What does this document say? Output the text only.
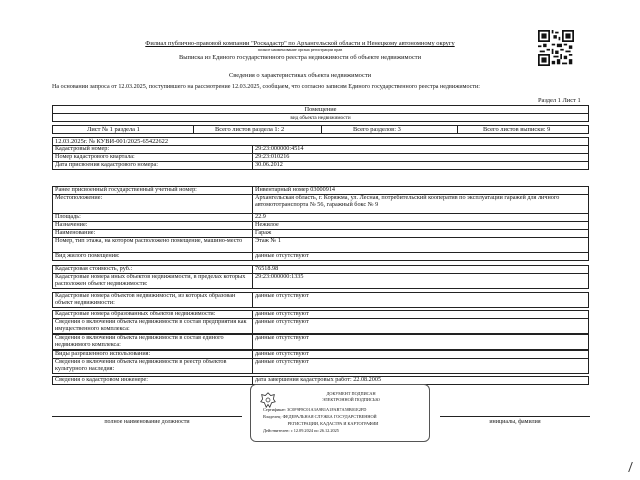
Филиал публично-правовой компании "Роскадастр" по Архангельской области и Ненецкому автономному округу
полное наименование органа регистрации прав
Выписка из Единого государственного реестра недвижимости об объекте недвижимости
Сведения о характеристиках объекта недвижимости
На основании запроса от 12.03.2025, поступившего на рассмотрение 12.03.2025, сообщаем, что согласно записям Единого государственного реестра недвижимости:
Раздел 1 Лист 1
Помещение
вид объекта недвижимости
Лист № 1 раздела 1	Всего листов раздела 1: 2	Всего разделов: 3	Всего листов выписки: 9
12.03.2025г. № КУВИ-001/2025-65422622
Кадастровый номер:	29:23:000000:4514
Номер кадастрового квартала:	29:23:010216
Дата присвоения кадастрового номера:	30.06.2012
Ранее присвоенный государственный учетный номер:	Инвентарный номер 03000914
Местоположение:	Архангельская область, г. Коряжма, ул. Лесная, потребительский кооператив по эксплуатации гаражей для личного автомототранспорта № 56, гаражный бокс № 9
Площадь:	22.9
Назначение:	Нежилое
Наименование:	Гараж
Номер, тип этажа, на котором расположено помещение, машино-место	Этаж № 1
Вид жилого помещения:	данные отсутствуют
Кадастровая стоимость, руб.:	76518.98
Кадастровые номера иных объектов недвижимости, в пределах которых расположен объект недвижимости:
29:23:000000:1335
Кадастровые номера объектов недвижимости, из которых образован объект недвижимости:
данные отсутствуют
Кадастровые номера образованных объектов недвижимости:	данные отсутствуют
Сведения о включении объекта недвижимости в состав предприятия как имущественного комплекса:
данные отсутствуют
Сведения о включении объекта недвижимости в состав единого недвижимого комплекса:
данные отсутствуют
Виды разрешенного использования:	данные отсутствуют
Сведения о включении объекта недвижимости в реестр объектов культурного наследия:
данные отсутствуют
Сведения о кадастровом инженере:	дата завершения кадастровых работ: 22.08.2005
ДОКУМЕНТ ПОДПИСАН
ЭЛЕКТРОННОЙ ПОДПИСЬЮ
Сертификат: 3C0F9F8C01A3A9B1A1FAB7A58B01E2FD
Владелец: ФЕДЕРАЛЬНАЯ СЛУЖБА ГОСУДАРСТВЕННОЙ
РЕГИСТРАЦИИ, КАДАСТРА И КАРТОГРАФИИ
Действителен: с 12.09.2024 по 26.12.2025
полное наименование должности	инициалы, фамилия
